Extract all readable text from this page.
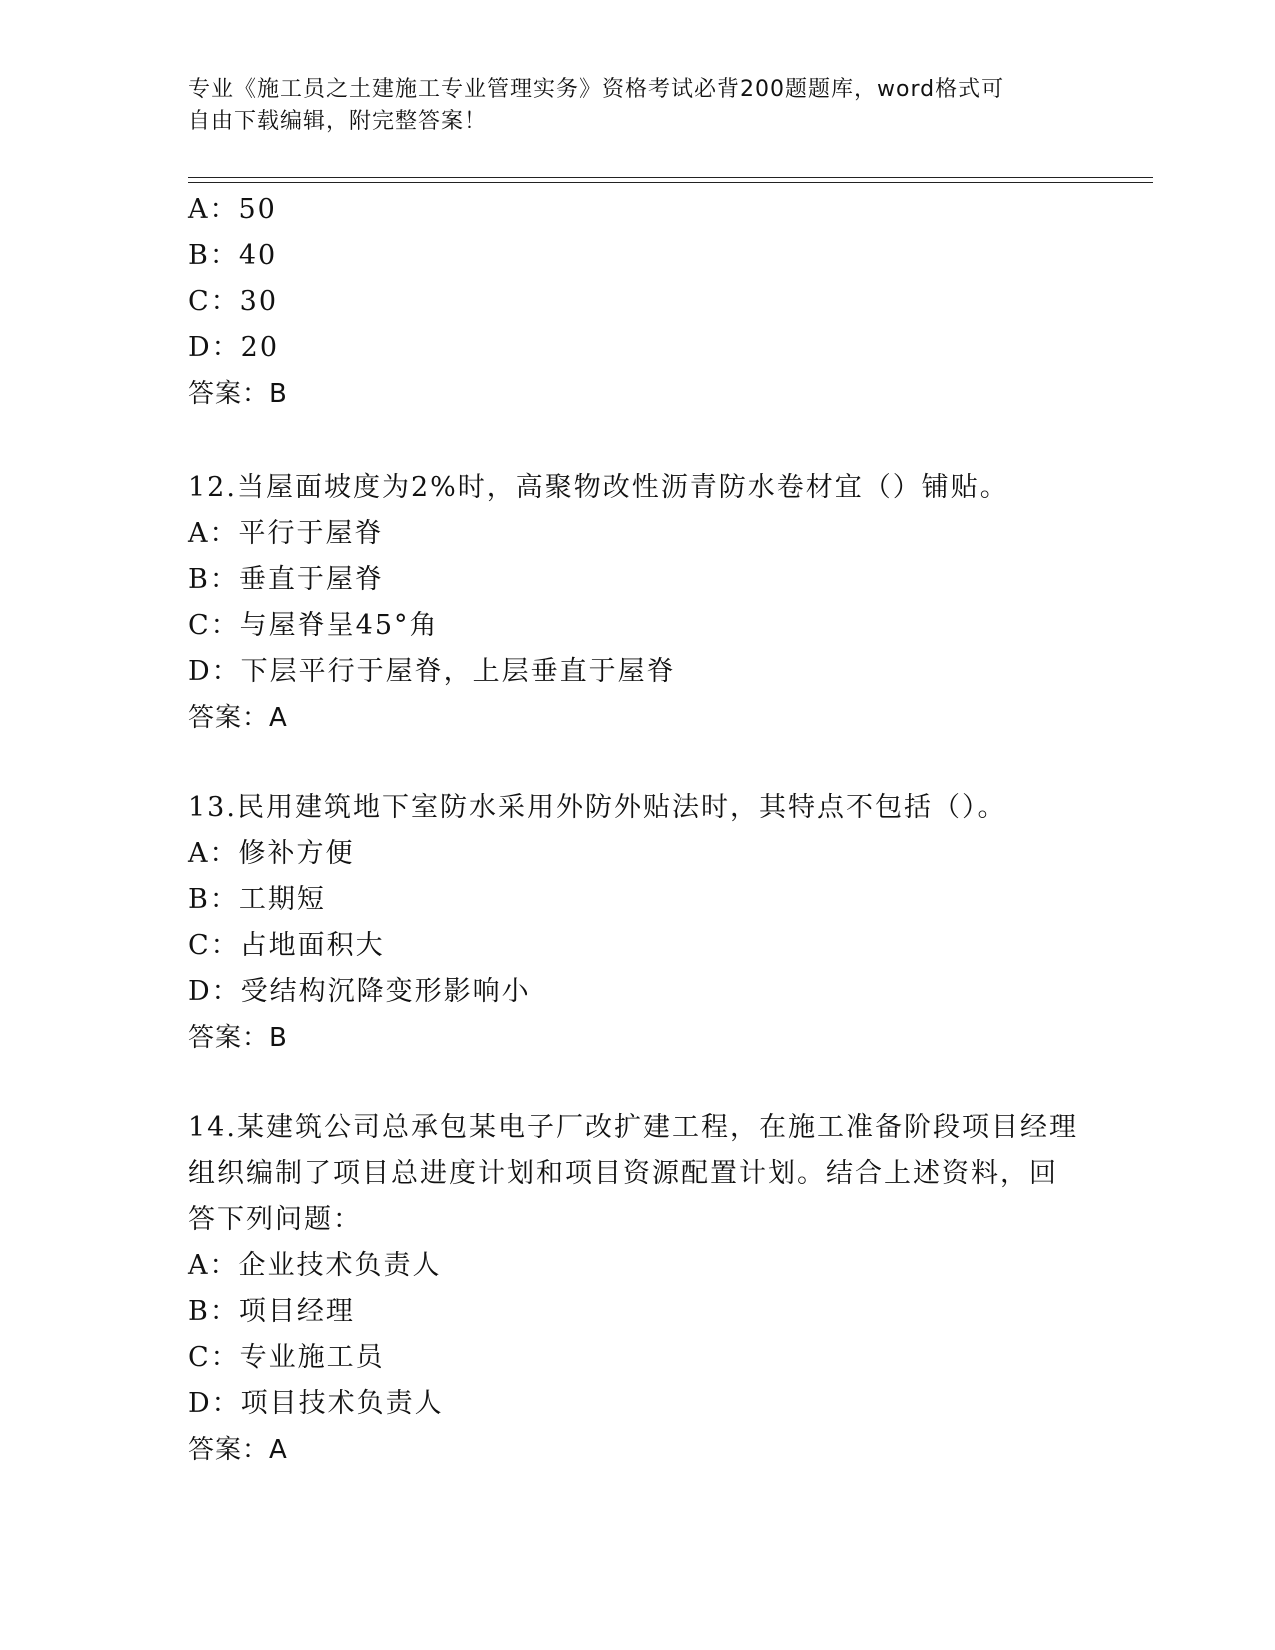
专业《施工员之土建施工专业管理实务》资格考试必背200题题库，word格式可
自由下载编辑，附完整答案！
A：50
B：40
C：30
D：20
答案：B
12.当屋面坡度为2%时，高聚物改性沥青防水卷材宜（）铺贴。
A：平行于屋脊
B：垂直于屋脊
C：与屋脊呈45°角
D：下层平行于屋脊，上层垂直于屋脊
答案：A
13.民用建筑地下室防水采用外防外贴法时，其特点不包括（）。
A：修补方便
B：工期短
C：占地面积大
D：受结构沉降变形影响小
答案：B
14.某建筑公司总承包某电子厂改扩建工程，在施工准备阶段项目经理
组织编制了项目总进度计划和项目资源配置计划。结合上述资料，回
答下列问题：
A：企业技术负责人
B：项目经理
C：专业施工员
D：项目技术负责人
答案：A
